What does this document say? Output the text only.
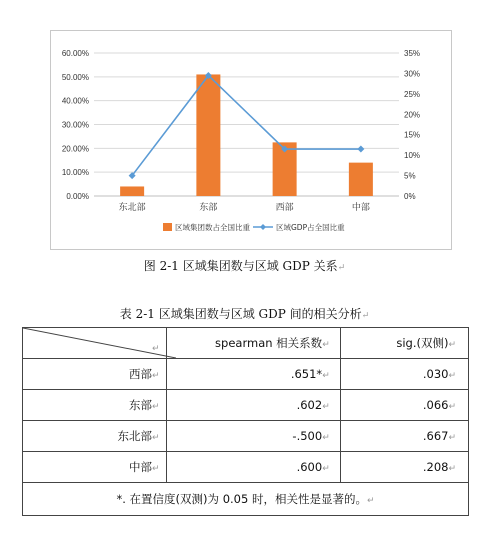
0.00%
10.00%
20.00%
30.00%
40.00%
50.00%
60.00%
0%
5%
10%
15%
20%
25%
30%
35%
东北部	东部	西部	中部
区域集团数占全国比重	区域GDP占全国比重
图 2-1 区域集团数与区域 GDP 关系↵
表 2-1 区域集团数与区域 GDP 间的相关分析↵
↵	spearman 相关系数↵	sig.(双侧)↵
西部↵	.651*↵	.030↵
东部↵	.602↵	.066↵
东北部↵	-.500↵	.667↵
中部↵	.600↵	.208↵
*. 在置信度(双测)为 0.05 时，相关性是显著的。↵		
